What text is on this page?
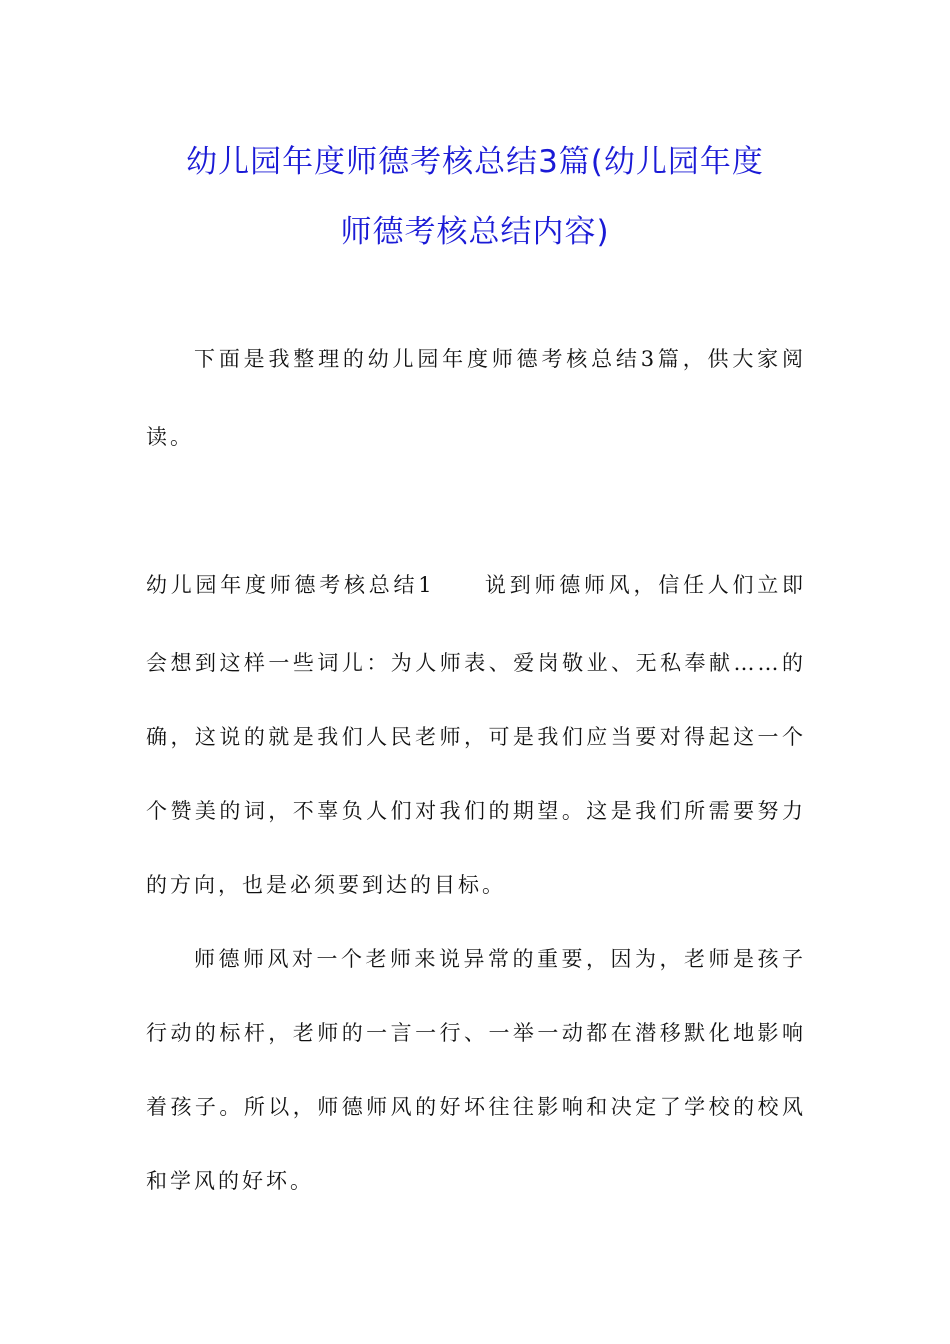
幼儿园年度师德考核总结3篇(幼儿园年度
师德考核总结内容)
下面是我整理的幼儿园年度师德考核总结3篇，供大家阅
读。
幼儿园年度师德考核总结1　　说到师德师风，信任人们立即
会想到这样一些词儿：为人师表、爱岗敬业、无私奉献……的
确，这说的就是我们人民老师，可是我们应当要对得起这一个
个赞美的词，不辜负人们对我们的期望。这是我们所需要努力
的方向，也是必须要到达的目标。
师德师风对一个老师来说异常的重要，因为，老师是孩子
行动的标杆，老师的一言一行、一举一动都在潜移默化地影响
着孩子。所以，师德师风的好坏往往影响和决定了学校的校风
和学风的好坏。
